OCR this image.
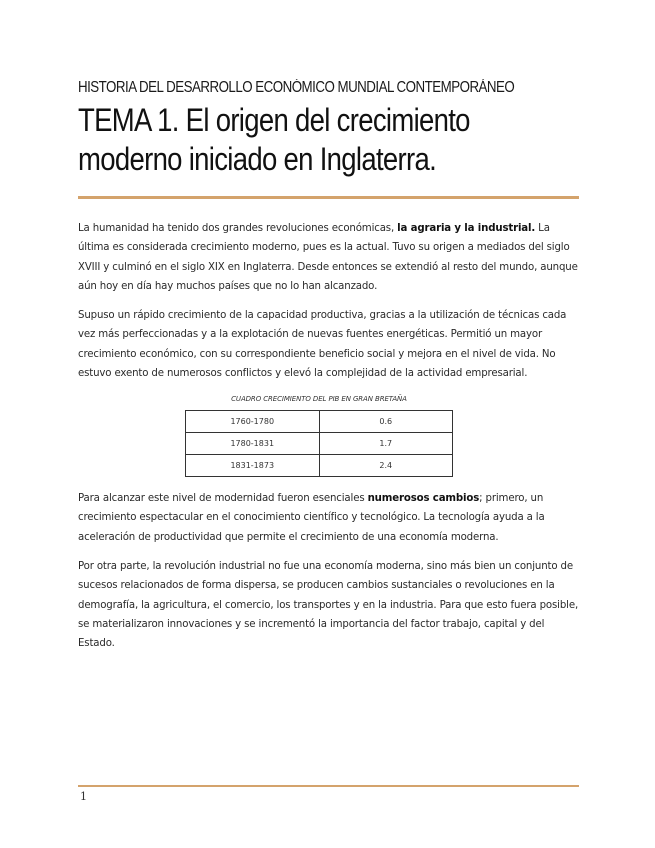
HISTORIA DEL DESARROLLO ECONÓMICO MUNDIAL CONTEMPORÁNEO
TEMA 1. El origen del crecimiento moderno iniciado en Inglaterra.

La humanidad ha tenido dos grandes revoluciones económicas, la agraria y la industrial. La última es considerada crecimiento moderno, pues es la actual. Tuvo su origen a mediados del siglo XVIII y culminó en el siglo XIX en Inglaterra. Desde entonces se extendió al resto del mundo, aunque aún hoy en día hay muchos países que no lo han alcanzado.

Supuso un rápido crecimiento de la capacidad productiva, gracias a la utilización de técnicas cada vez más perfeccionadas y a la explotación de nuevas fuentes energéticas. Permitió un mayor crecimiento económico, con su correspondiente beneficio social y mejora en el nivel de vida. No estuvo exento de numerosos conflictos y elevó la complejidad de la actividad empresarial.

CUADRO CRECIMIENTO DEL PIB EN GRAN BRETAÑA
1760-1780	0.6
1780-1831	1.7
1831-1873	2.4

Para alcanzar este nivel de modernidad fueron esenciales numerosos cambios; primero, un crecimiento espectacular en el conocimiento científico y tecnológico. La tecnología ayuda a la aceleración de productividad que permite el crecimiento de una economía moderna.

Por otra parte, la revolución industrial no fue una economía moderna, sino más bien un conjunto de sucesos relacionados de forma dispersa, se producen cambios sustanciales o revoluciones en la demografía, la agricultura, el comercio, los transportes y en la industria. Para que esto fuera posible, se materializaron innovaciones y se incrementó la importancia del factor trabajo, capital y del Estado.

1
